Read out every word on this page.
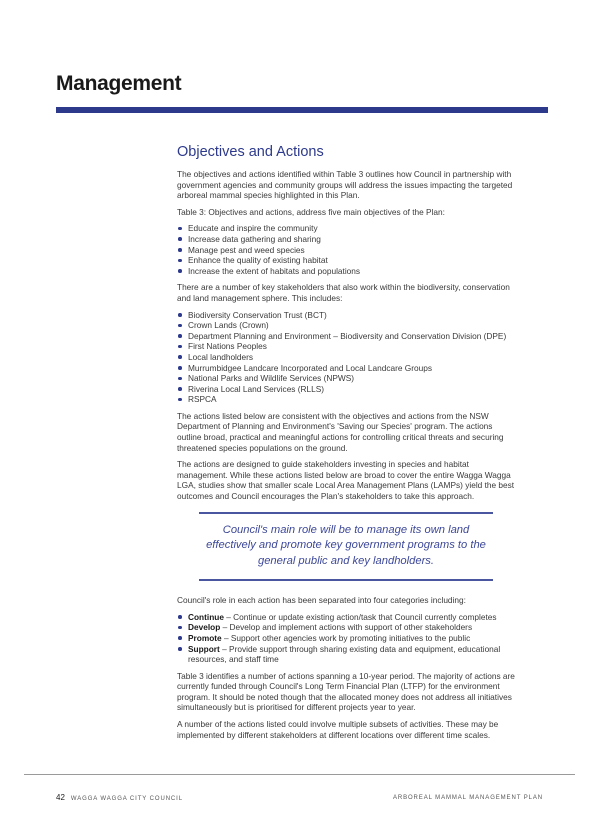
Management
Objectives and Actions

The objectives and actions identified within Table 3 outlines how Council in partnership with government agencies and community groups will address the issues impacting the targeted arboreal mammal species highlighted in this Plan.

Table 3: Objectives and actions, address five main objectives of the Plan:

Educate and inspire the community
Increase data gathering and sharing
Manage pest and weed species
Enhance the quality of existing habitat
Increase the extent of habitats and populations

There are a number of key stakeholders that also work within the biodiversity, conservation and land management sphere. This includes:

Biodiversity Conservation Trust (BCT)
Crown Lands (Crown)
Department Planning and Environment – Biodiversity and Conservation Division (DPE)
First Nations Peoples
Local landholders
Murrumbidgee Landcare Incorporated and Local Landcare Groups
National Parks and Wildlife Services (NPWS)
Riverina Local Land Services (RLLS)
RSPCA

The actions listed below are consistent with the objectives and actions from the NSW Department of Planning and Environment's 'Saving our Species' program. The actions outline broad, practical and meaningful actions for controlling critical threats and securing threatened species populations on the ground.

The actions are designed to guide stakeholders investing in species and habitat management. While these actions listed below are broad to cover the entire Wagga Wagga LGA, studies show that smaller scale Local Area Management Plans (LAMPs) yield the best outcomes and Council encourages the Plan's stakeholders to take this approach.

Council's main role will be to manage its own land effectively and promote key government programs to the general public and key landholders.

Council's role in each action has been separated into four categories including:

Continue – Continue or update existing action/task that Council currently completes
Develop – Develop and implement actions with support of other stakeholders
Promote – Support other agencies work by promoting initiatives to the public
Support – Provide support through sharing existing data and equipment, educational resources, and staff time

Table 3 identifies a number of actions spanning a 10-year period. The majority of actions are currently funded through Council's Long Term Financial Plan (LTFP) for the environment program. It should be noted though that the allocated money does not address all initiatives simultaneously but is prioritised for different projects year to year.

A number of the actions listed could involve multiple subsets of activities. These may be implemented by different stakeholders at different locations over different time scales.

42 WAGGA WAGGA CITY COUNCIL	ARBOREAL MAMMAL MANAGEMENT PLAN
